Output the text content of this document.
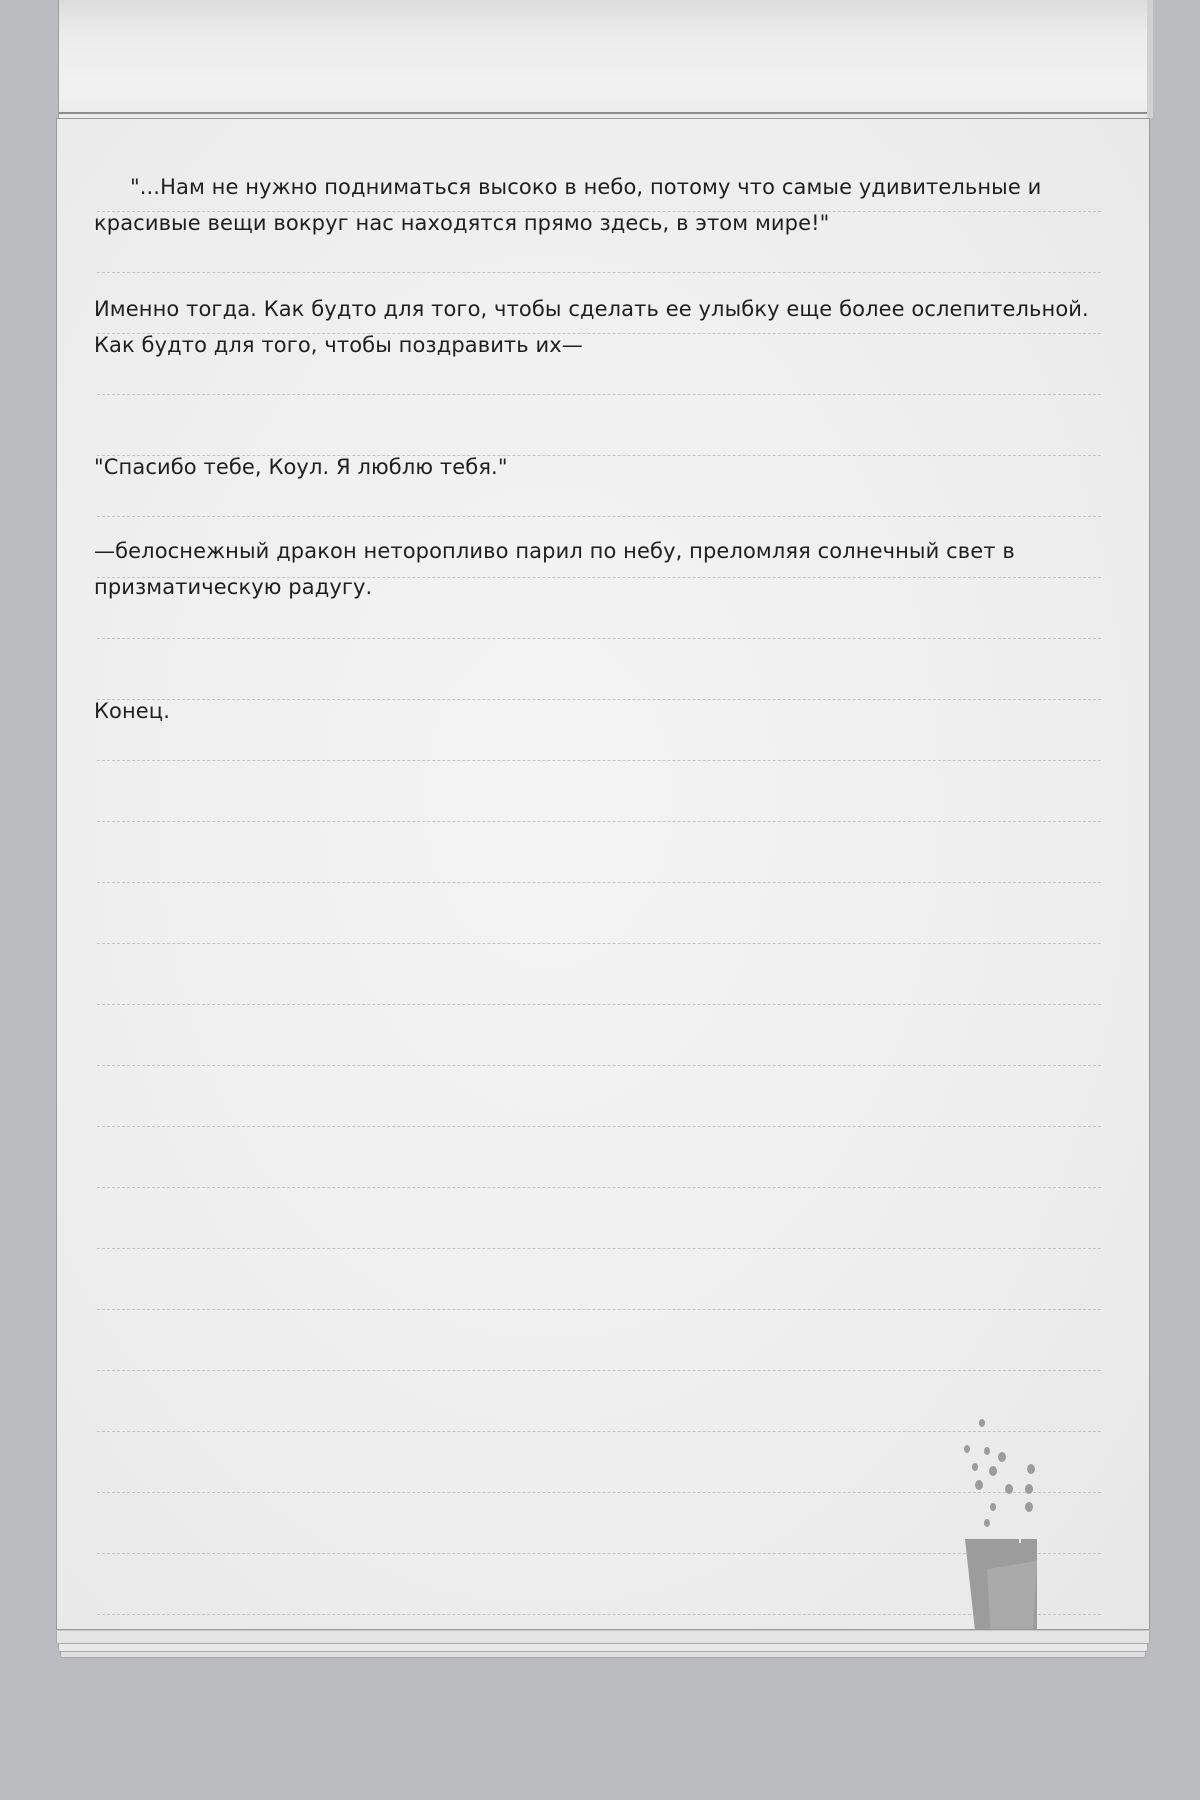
"...Нам не нужно подниматься высоко в небо, потому что самые удивительные и красивые вещи вокруг нас находятся прямо здесь, в этом мире!"

Именно тогда. Как будто для того, чтобы сделать ее улыбку еще более ослепительной. Как будто для того, чтобы поздравить их—

"Спасибо тебе, Коул. Я люблю тебя."

—белоснежный дракон неторопливо парил по небу, преломляя солнечный свет в призматическую радугу.

Конец.
